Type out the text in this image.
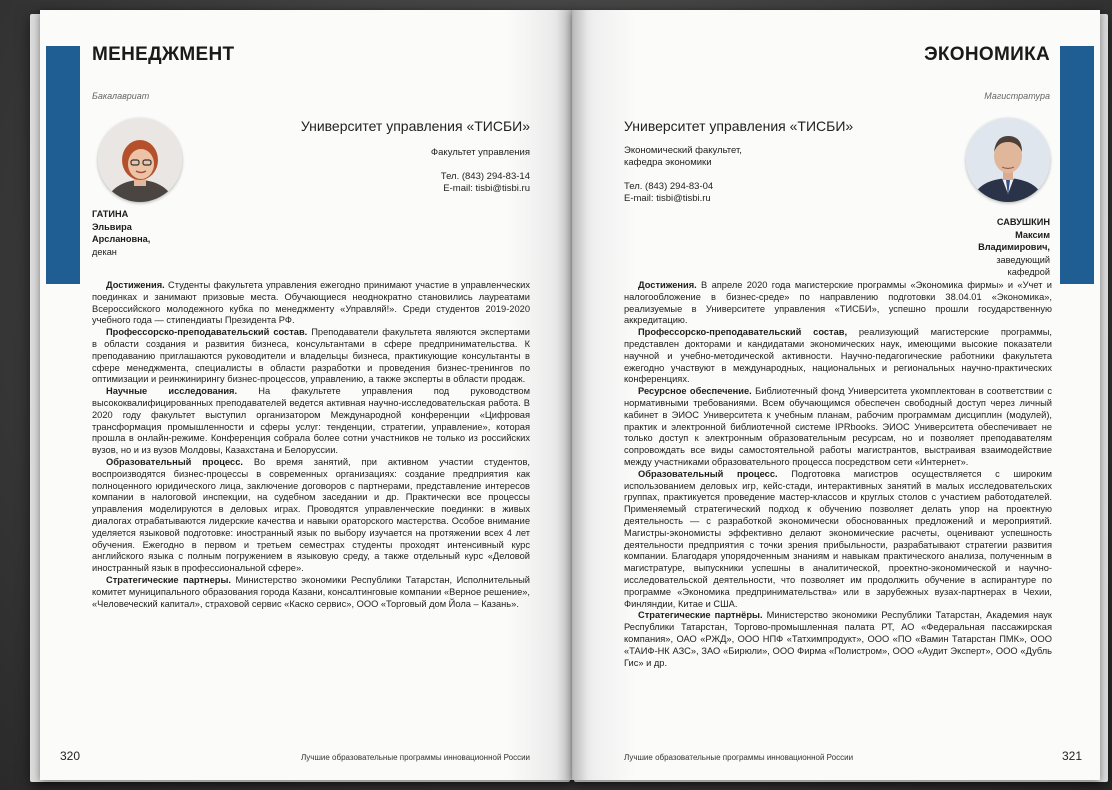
МЕНЕДЖМЕНТ
Бакалавриат
ГАТИНА
Эльвира
Арслановна,
декан
Университет управления «ТИСБИ»
Факультет управления
Тел. (843) 294-83-14
E-mail: tisbi@tisbi.ru

Достижения. Студенты факультета управления ежегодно принимают участие в управленческих поединках и занимают призовые места. Обучающиеся неоднократно становились лауреатами Всероссийского молодежного кубка по менеджменту «Управляй!». Среди студентов 2019-2020 учебного года — стипендиаты Президента РФ.

Профессорско-преподавательский состав. Преподаватели факультета являются экспертами в области создания и развития бизнеса, консультантами в сфере предпринимательства. К преподаванию приглашаются руководители и владельцы бизнеса, практикующие консультанты в сфере менеджмента, специалисты в области разработки и проведения бизнес-тренингов по оптимизации и реинжинирингу бизнес-процессов, управлению, а также эксперты в области продаж.

Научные исследования. На факультете управления под руководством высококвалифицированных преподавателей ведется активная научно-исследовательская работа. В 2020 году факультет выступил организатором Международной конференции «Цифровая трансформация промышленности и сферы услуг: тенденции, стратегии, управление», которая прошла в онлайн-режиме. Конференция собрала более сотни участников не только из российских вузов, но и из вузов Молдовы, Казахстана и Белоруссии.

Образовательный процесс. Во время занятий, при активном участии студентов, воспроизводятся бизнес-процессы в современных организациях: создание предприятия как полноценного юридического лица, заключение договоров с партнерами, представление интересов компании в налоговой инспекции, на судебном заседании и др. Практически все процессы управления моделируются в деловых играх. Проводятся управленческие поединки: в живых диалогах отрабатываются лидерские качества и навыки ораторского мастерства. Особое внимание уделяется языковой подготовке: иностранный язык по выбору изучается на протяжении всех 4 лет обучения. Ежегодно в первом и третьем семестрах студенты проходят интенсивный курс английского языка с полным погружением в языковую среду, а также отдельный курс «Деловой иностранный язык в профессиональной сфере».

Стратегические партнеры. Министерство экономики Республики Татарстан, Исполнительный комитет муниципального образования города Казани, консалтинговые компании «Верное решение», «Человеческий капитал», страховой сервис «Каско сервис», ООО «Торговый дом Йола – Казань».

320	Лучшие образовательные программы инновационной России
ЭКОНОМИКА
Магистратура
Университет управления «ТИСБИ»
Экономический факультет,
кафедра экономики
Тел. (843) 294-83-04
E-mail: tisbi@tisbi.ru
САВУШКИН
Максим
Владимирович,
заведующий
кафедрой

Достижения. В апреле 2020 года магистерские программы «Экономика фирмы» и «Учет и налогообложение в бизнес-среде» по направлению подготовки 38.04.01 «Экономика», реализуемые в Университете управления «ТИСБИ», успешно прошли государственную аккредитацию.

Профессорско-преподавательский состав, реализующий магистерские программы, представлен докторами и кандидатами экономических наук, имеющими высокие показатели научной и учебно-методической активности. Научно-педагогические работники факультета ежегодно участвуют в международных, национальных и региональных научно-практических конференциях.

Ресурсное обеспечение. Библиотечный фонд Университета укомплектован в соответствии с нормативными требованиями. Всем обучающимся обеспечен свободный доступ через личный кабинет в ЭИОС Университета к учебным планам, рабочим программам дисциплин (модулей), практик и электронной библиотечной системе IPRbooks. ЭИОС Университета обеспечивает не только доступ к электронным образовательным ресурсам, но и позволяет преподавателям сопровождать все виды самостоятельной работы магистрантов, выстраивая взаимодействие между участниками образовательного процесса посредством сети «Интернет».

Образовательный процесс. Подготовка магистров осуществляется с широким использованием деловых игр, кейс-стади, интерактивных занятий в малых исследовательских группах, практикуется проведение мастер-классов и круглых столов с участием работодателей. Применяемый стратегический подход к обучению позволяет делать упор на проектную деятельность — с разработкой экономически обоснованных предложений и мероприятий. Магистры-экономисты эффективно делают экономические расчеты, оценивают успешность деятельности предприятия с точки зрения прибыльности, разрабатывают стратегии развития компании. Благодаря упорядоченным знаниям и навыкам практического анализа, полученным в магистратуре, выпускники успешны в аналитической, проектно-экономической и научно-исследовательской деятельности, что позволяет им продолжить обучение в аспирантуре по программе «Экономика предпринимательства» или в зарубежных вузах-партнерах в Чехии, Финляндии, Китае и США.

Стратегические партнёры. Министерство экономики Республики Татарстан, Академия наук Республики Татарстан, Торгово-промышленная палата РТ, АО «Федеральная пассажирская компания», ОАО «РЖД», ООО НПФ «Татхимпродукт», ООО «ПО «Вамин Татарстан ПМК», ООО «ТАИФ-НК АЗС», ЗАО «Бирюли», ООО Фирма «Полистром», ООО «Аудит Эксперт», ООО «Дубль Гис» и др.

Лучшие образовательные программы инновационной России	321
